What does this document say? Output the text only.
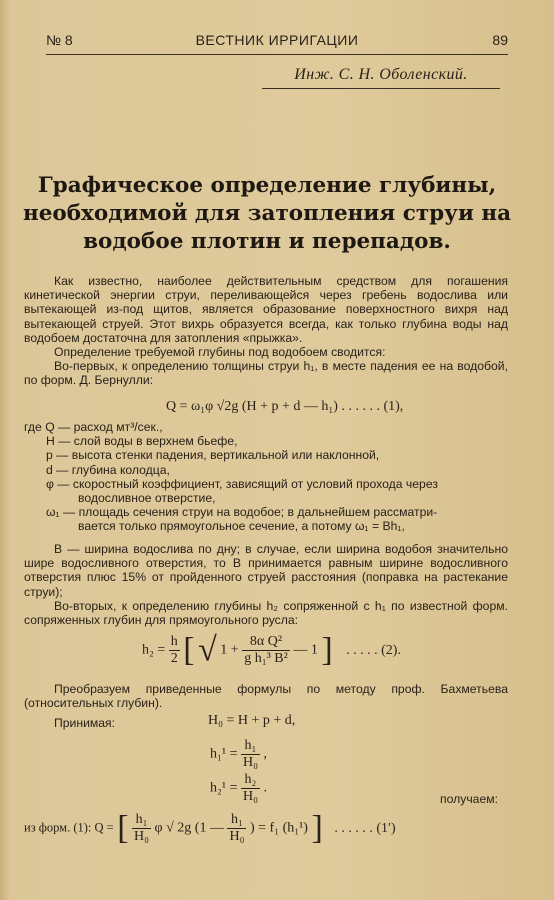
№ 8	ВЕСТНИК ИРРИГАЦИИ	89
Инж. С. Н. Оболенский.
Графическое определение глубины, необходимой для затопления струи на водобое плотин и перепадов.

Как известно, наиболее действительным средством для погашения кинетической энергии струи, переливающейся через гребень водослива или вытекающей из-под щитов, является образование поверхностного вихря над вытекающей струей. Этот вихрь образуется всегда, как только глубина воды над водобоем достаточна для затопления «прыжка».

Определение требуемой глубины под водобоем сводится:

Во-первых, к определению толщины струи h₁, в месте падения ее на водобой, по форм. Д. Бернулли:

Q = ω₁φ √2g (H + p + d — h₁) . . . . . . (1),
где Q — расход мт³/сек.,
H — слой воды в верхнем бьефе,
p — высота стенки падения, вертикальной или наклонной,
d — глубина колодца,
φ — скоростный коэффициент, зависящий от условий прохода через
водосливное отверстие,
ω₁ — площадь сечения струи на водобое; в дальнейшем рассматри-
вается только прямоугольное сечение, а потому ω₁ = Bh₁,

B — ширина водослива по дну; в случае, если ширина водобоя значительно шире водосливного отверстия, то B принимается равным ширине водосливного отверстия плюс 15% от пройденного струей расстояния (поправка на растекание струи);

Во-вторых, к определению глубины h₂ сопряженной с h₁ по известной форм. сопряженных глубин для прямоугольного русла:

$h_2 = \frac{h}{2}$ [ √ $1 + \frac{\text{8α Q²}}{\text{g h₁³ B²}}$ — 1 ] . . . . . (2).

Преобразуем приведенные формулы по методу проф. Бахметьева (относительных глубин).

Принимая:	H₀ = H + p + d,
$h_1^1 = \frac{\text{h₁}}{\text{H₀}}$ ,
$h_2^1 = \frac{\text{h₂}}{\text{H₀}}$ .
получаем:
из форм. (1): Q = [ $\frac{\text{h₁}}{\text{H₀}}$ φ √ 2g (1 — $\frac{\text{h₁}}{\text{H₀}}$ ) = f₁ (h₁¹) ] . . . . . . (1′)
